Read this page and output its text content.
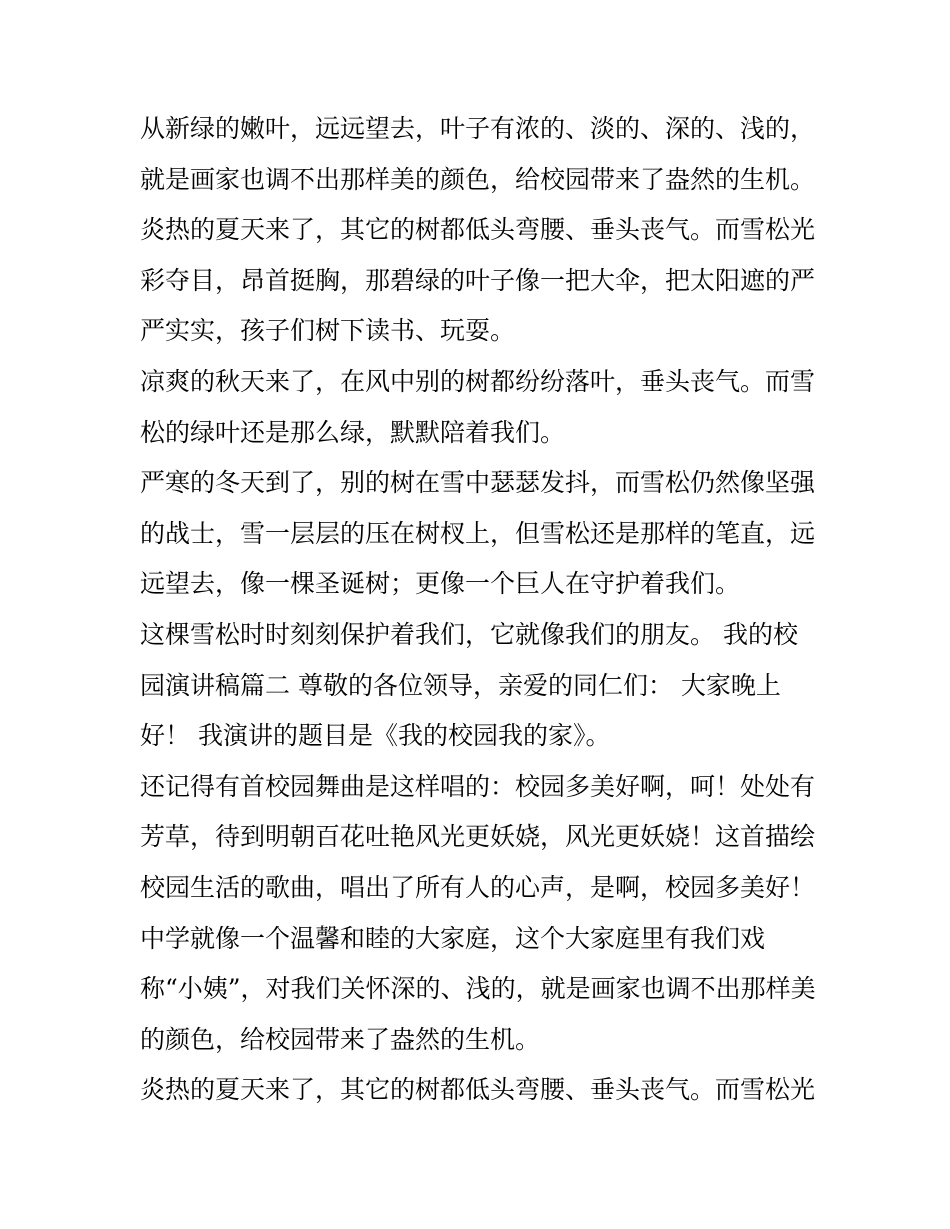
从新绿的嫩叶，远远望去，叶子有浓的、淡的、深的、浅的，
就是画家也调不出那样美的颜色，给校园带来了盎然的生机。
炎热的夏天来了，其它的树都低头弯腰、垂头丧气。而雪松光
彩夺目，昂首挺胸，那碧绿的叶子像一把大伞，把太阳遮的严
严实实，孩子们树下读书、玩耍。
凉爽的秋天来了，在风中别的树都纷纷落叶，垂头丧气。而雪
松的绿叶还是那么绿，默默陪着我们。
严寒的冬天到了，别的树在雪中瑟瑟发抖，而雪松仍然像坚强
的战士，雪一层层的压在树杈上，但雪松还是那样的笔直，远
远望去，像一棵圣诞树；更像一个巨人在守护着我们。
这棵雪松时时刻刻保护着我们，它就像我们的朋友。 我的校
园演讲稿篇二 尊敬的各位领导，亲爱的同仁们： 大家晚上
好！ 我演讲的题目是《我的校园我的家》。
还记得有首校园舞曲是这样唱的：校园多美好啊，呵！处处有
芳草，待到明朝百花吐艳风光更妖娆，风光更妖娆！这首描绘
校园生活的歌曲，唱出了所有人的心声，是啊，校园多美好！
中学就像一个温馨和睦的大家庭，这个大家庭里有我们戏
称“小姨”，对我们关怀深的、浅的，就是画家也调不出那样美
的颜色，给校园带来了盎然的生机。
炎热的夏天来了，其它的树都低头弯腰、垂头丧气。而雪松光
